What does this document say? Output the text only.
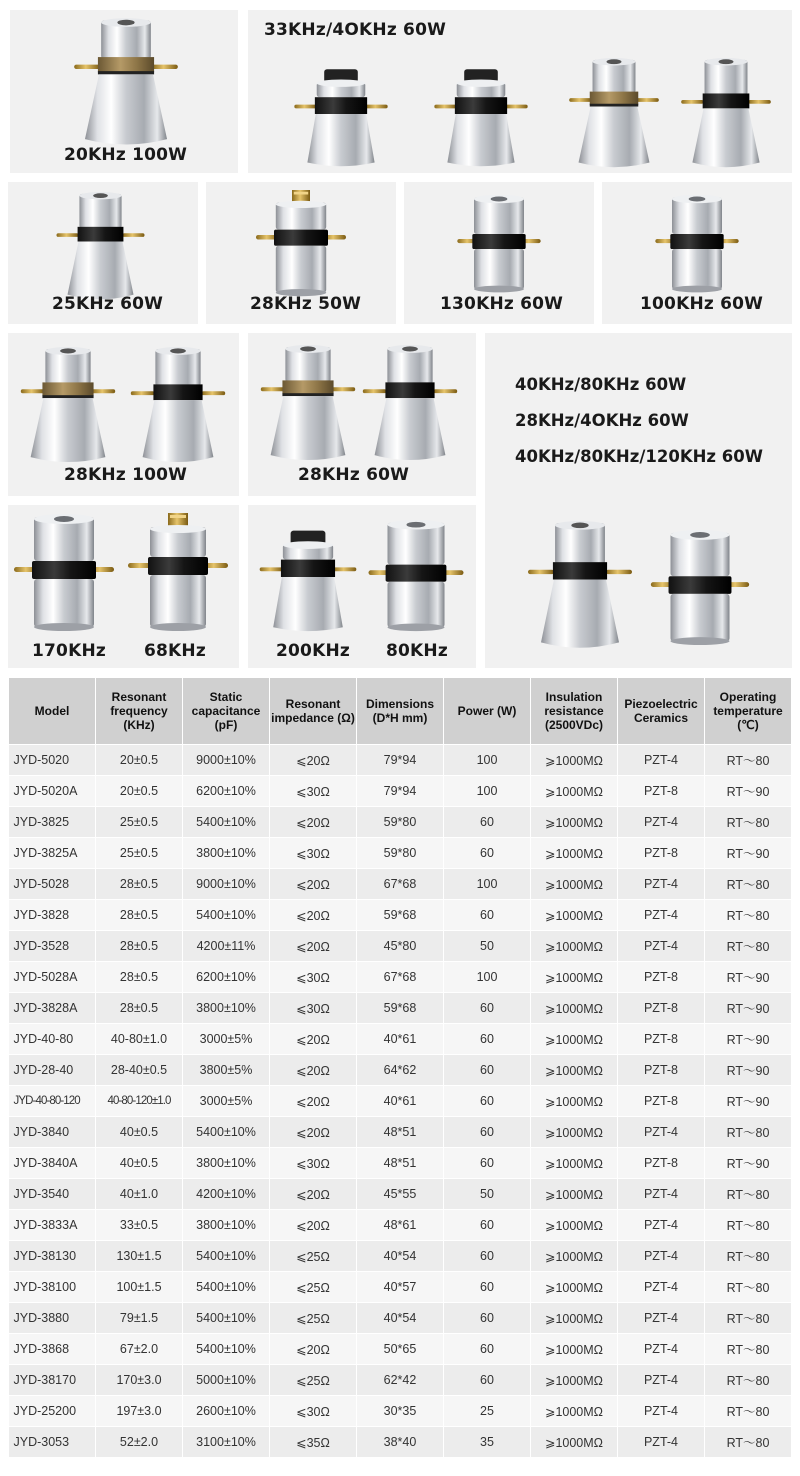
20KHz 100W
33KHz/4OKHz 60W
25KHz 60W	28KHz 50W	130KHz 60W	100KHz 60W
28KHz 100W	28KHz 60W
40KHz/80KHz 60W
28KHz/4OKHz 60W
40KHz/80KHz/120KHz 60W
170KHz 68KHz	200KHz 80KHz
Model	Resonant frequency (KHz)	Static capacitance (pF)	Resonant impedance (Ω)	Dimensions (D*H mm)	Power (W)	Insulation resistance (2500VDc)	Piezoelectric Ceramics	Operating temperature (℃)
JYD-5020	20±0.5	9000±10%	⩽20Ω	79*94	100	⩾1000MΩ	PZT-4	RT～80
JYD-5020A	20±0.5	6200±10%	⩽30Ω	79*94	100	⩾1000MΩ	PZT-8	RT～90
JYD-3825	25±0.5	5400±10%	⩽20Ω	59*80	60	⩾1000MΩ	PZT-4	RT～80
JYD-3825A	25±0.5	3800±10%	⩽30Ω	59*80	60	⩾1000MΩ	PZT-8	RT～90
JYD-5028	28±0.5	9000±10%	⩽20Ω	67*68	100	⩾1000MΩ	PZT-4	RT～80
JYD-3828	28±0.5	5400±10%	⩽20Ω	59*68	60	⩾1000MΩ	PZT-4	RT～80
JYD-3528	28±0.5	4200±11%	⩽20Ω	45*80	50	⩾1000MΩ	PZT-4	RT～80
JYD-5028A	28±0.5	6200±10%	⩽30Ω	67*68	100	⩾1000MΩ	PZT-8	RT～90
JYD-3828A	28±0.5	3800±10%	⩽30Ω	59*68	60	⩾1000MΩ	PZT-8	RT～90
JYD-40-80	40-80±1.0	3000±5%	⩽20Ω	40*61	60	⩾1000MΩ	PZT-8	RT～90
JYD-28-40	28-40±0.5	3800±5%	⩽20Ω	64*62	60	⩾1000MΩ	PZT-8	RT～90
JYD-40-80-120	40-80-120±1.0	3000±5%	⩽20Ω	40*61	60	⩾1000MΩ	PZT-8	RT～90
JYD-3840	40±0.5	5400±10%	⩽20Ω	48*51	60	⩾1000MΩ	PZT-4	RT～80
JYD-3840A	40±0.5	3800±10%	⩽30Ω	48*51	60	⩾1000MΩ	PZT-8	RT～90
JYD-3540	40±1.0	4200±10%	⩽20Ω	45*55	50	⩾1000MΩ	PZT-4	RT～80
JYD-3833A	33±0.5	3800±10%	⩽20Ω	48*61	60	⩾1000MΩ	PZT-4	RT～80
JYD-38130	130±1.5	5400±10%	⩽25Ω	40*54	60	⩾1000MΩ	PZT-4	RT～80
JYD-38100	100±1.5	5400±10%	⩽25Ω	40*57	60	⩾1000MΩ	PZT-4	RT～80
JYD-3880	79±1.5	5400±10%	⩽25Ω	40*54	60	⩾1000MΩ	PZT-4	RT～80
JYD-3868	67±2.0	5400±10%	⩽20Ω	50*65	60	⩾1000MΩ	PZT-4	RT～80
JYD-38170	170±3.0	5000±10%	⩽25Ω	62*42	60	⩾1000MΩ	PZT-4	RT～80
JYD-25200	197±3.0	2600±10%	⩽30Ω	30*35	25	⩾1000MΩ	PZT-4	RT～80
JYD-3053	52±2.0	3100±10%	⩽35Ω	38*40	35	⩾1000MΩ	PZT-4	RT～80
